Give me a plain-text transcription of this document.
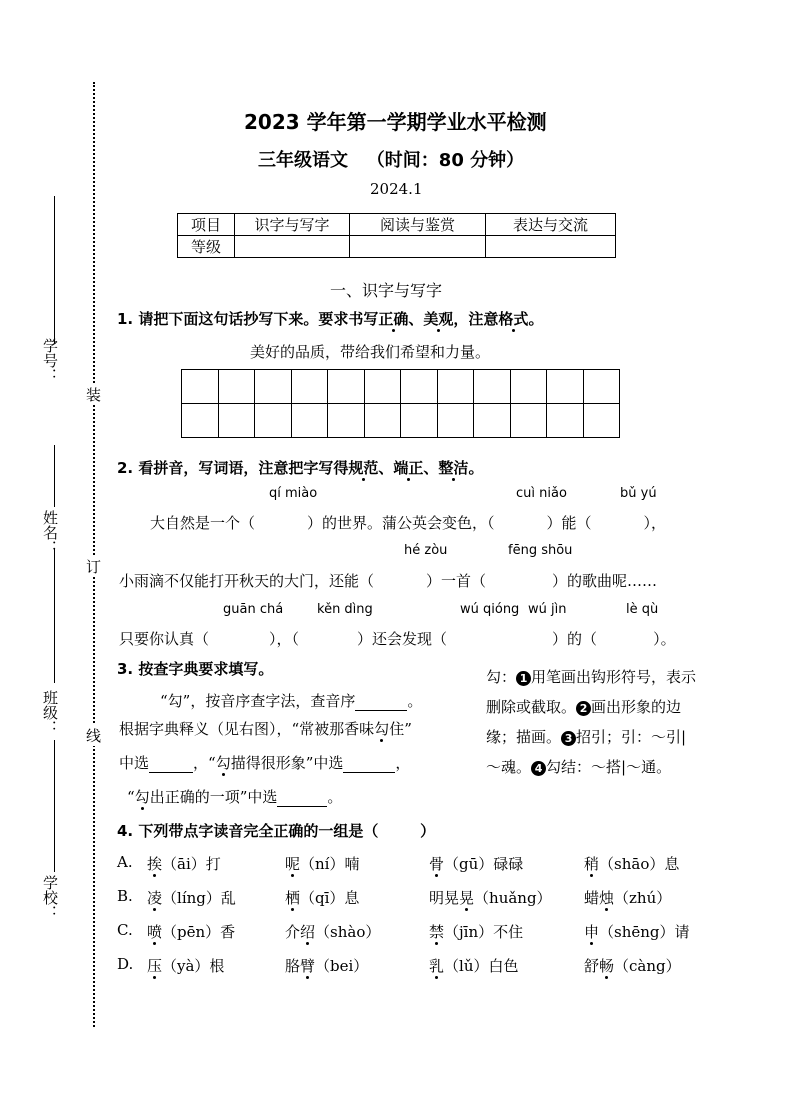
学号：
姓名：
班级：
学校：
装
订
线
2023 学年第一学期学业水平检测
三年级语文   （时间：80 分钟）
2024.1
项目	识字与写字	阅读与鉴赏	表达与交流
等级			
一、识字与写字
1. 请把下面这句话抄写下来。要求书写正确、美观，注意格式。
美好的品质，带给我们希望和力量。
2. 看拼音，写词语，注意把字写得规范、端正、整洁。
qí miào	cuì niǎo	bǔ yú
大自然是一个（	）的世界。蒲公英会变色，（	）能（	），
hé zòu	fēng shōu
小雨滴不仅能打开秋天的大门，还能（	）一首（	）的歌曲呢……
guān chá	kěn dìng	wú qióng wú jìn	lè qù
只要你认真（	），（	）还会发现（	）的（	）。
3. 按查字典要求填写。
“勾”，按音序查字法，查音序	。
根据字典释义（见右图），“常被那香味勾住”
中选	，“勾描得很形象”中选	，
“勾出正确的一项”中选	。
勾： 1 用笔画出钩形符号，表示删除或截取。 2 画出形象的边缘；描画。 3 招引；引：～引|～魂。 4 勾结：～搭|～通。
4. 下列带点字读音完全正确的一组是（        ）
A. 挨（āi）打	呢（ní）喃	骨（gū）碌碌	稍（shāo）息
B. 凌（líng）乱	栖（qī）息	明晃晃（huǎng） 蜡烛（zhú）
C. 喷（pēn）香	介绍（shào）	禁（jīn）不住	申（shēng）请
D. 压（yà）根	胳臂（bei）	乳（lǔ）白色	舒畅（càng）
